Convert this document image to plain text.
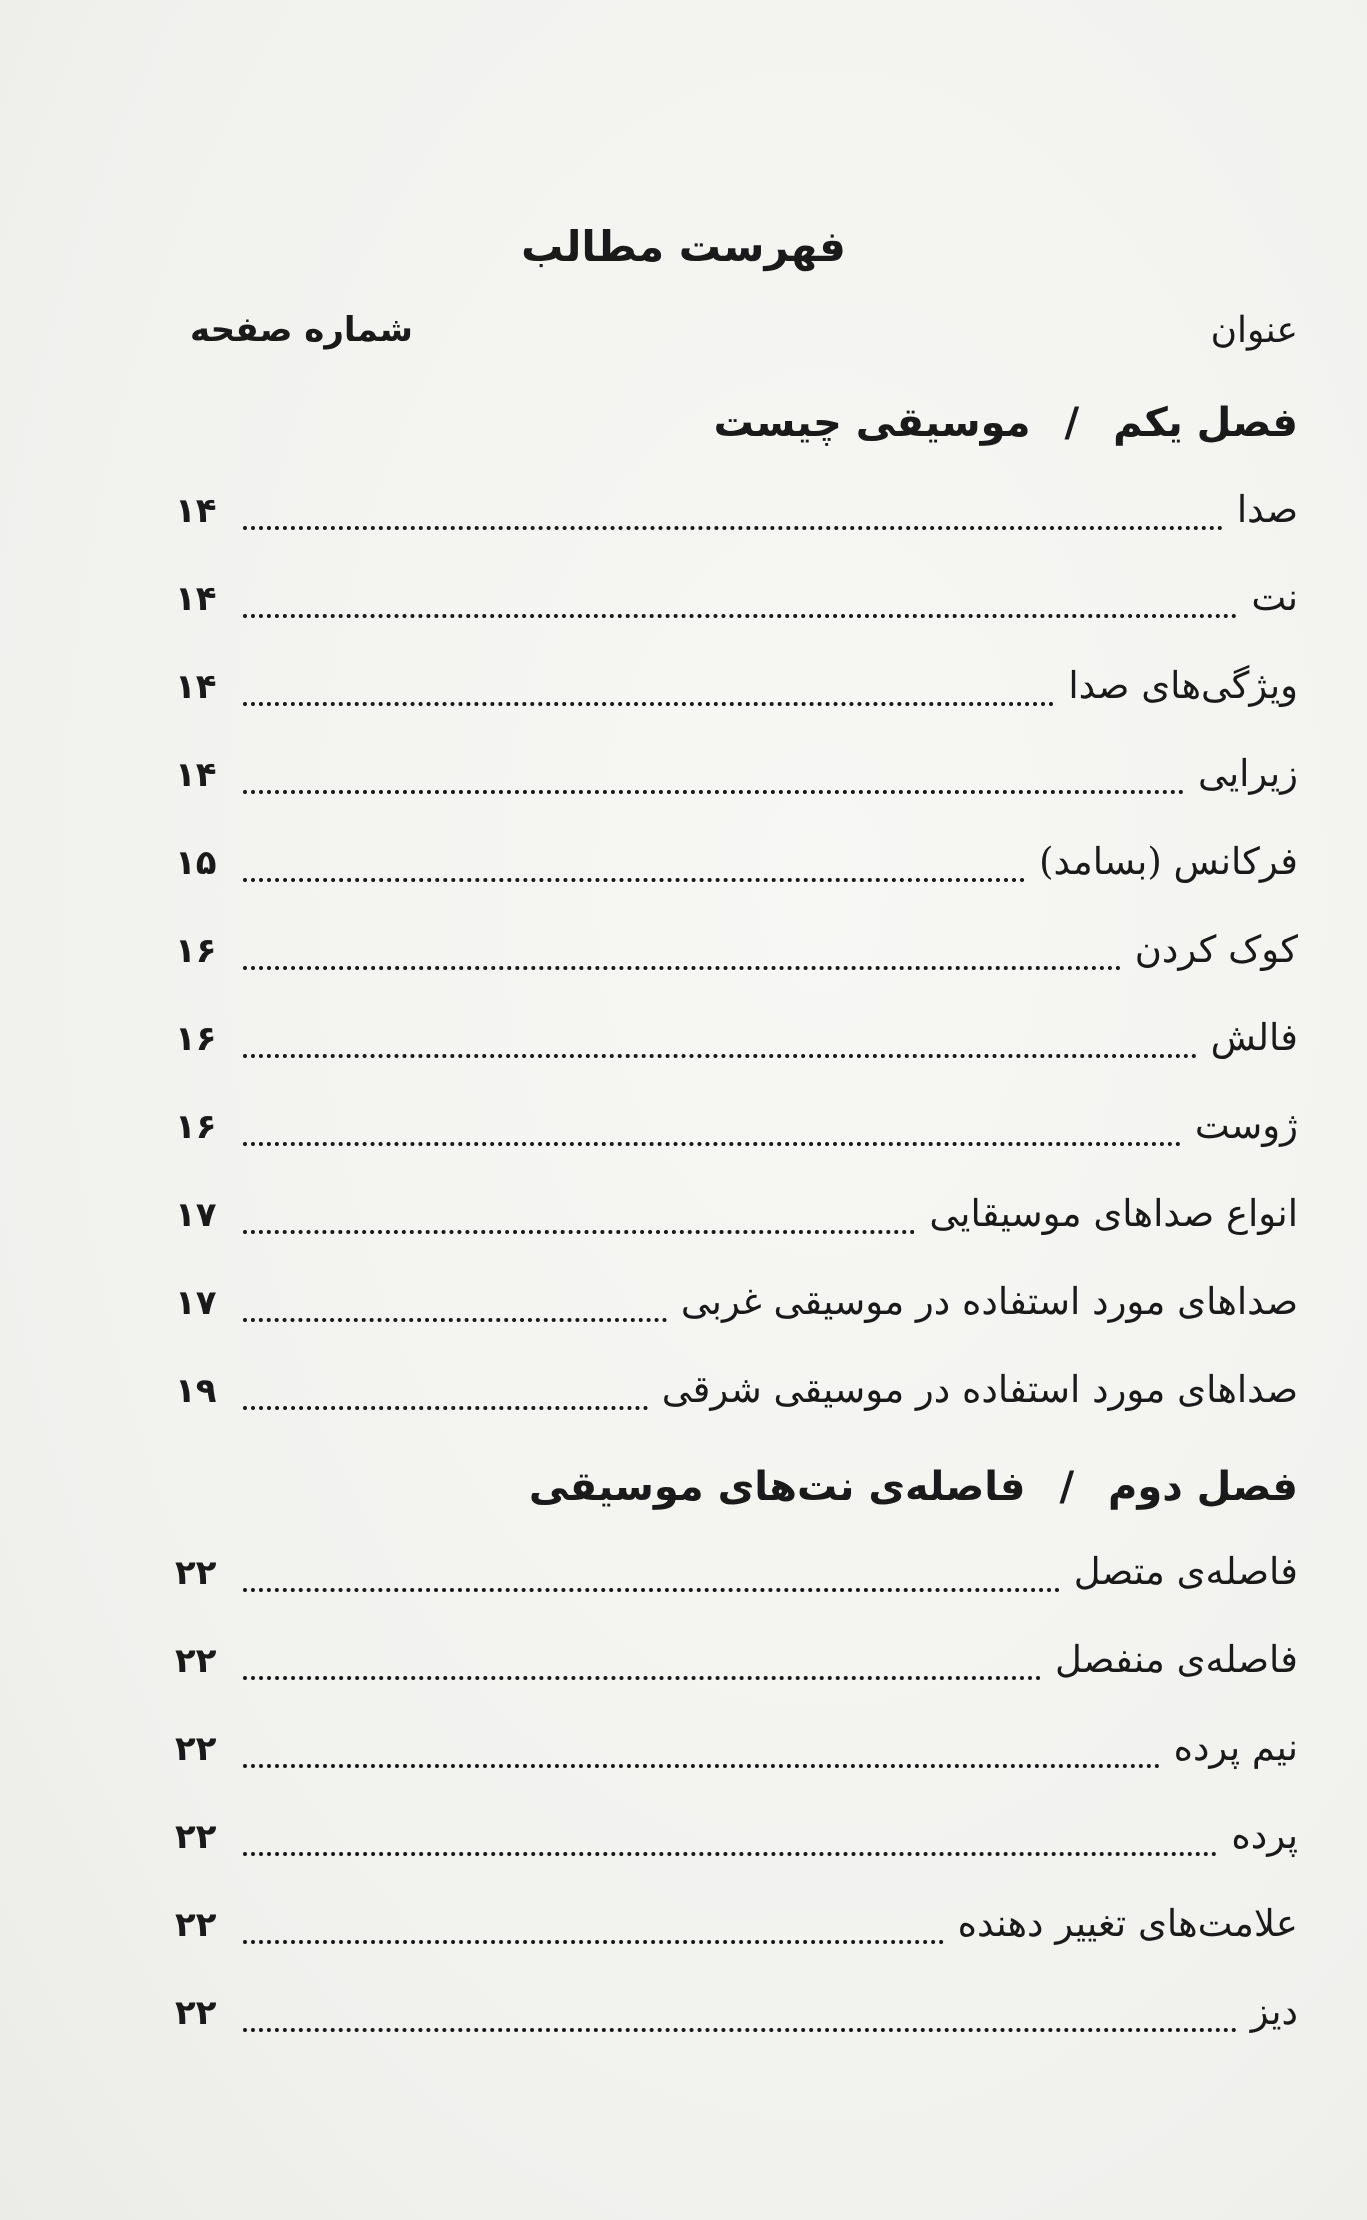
فهرست مطالب
عنوان
شماره صفحه
فصل یکم/موسیقی چیست
صدا
۱۴
نت
۱۴
ویژگی‌های صدا
۱۴
زیرایی
۱۴
فرکانس (بسامد)
۱۵
کوک کردن
۱۶
فالش
۱۶
ژوست
۱۶
انواع صداهای موسیقایی
۱۷
صداهای مورد استفاده در موسیقی غربی
۱۷
صداهای مورد استفاده در موسیقی شرقی
۱۹
فصل دوم/فاصله‌ی نت‌های موسیقی
فاصله‌ی متصل
۲۲
فاصله‌ی منفصل
۲۲
نیم پرده
۲۲
پرده
۲۲
علامت‌های تغییر دهنده
۲۲
دیز
۲۲
